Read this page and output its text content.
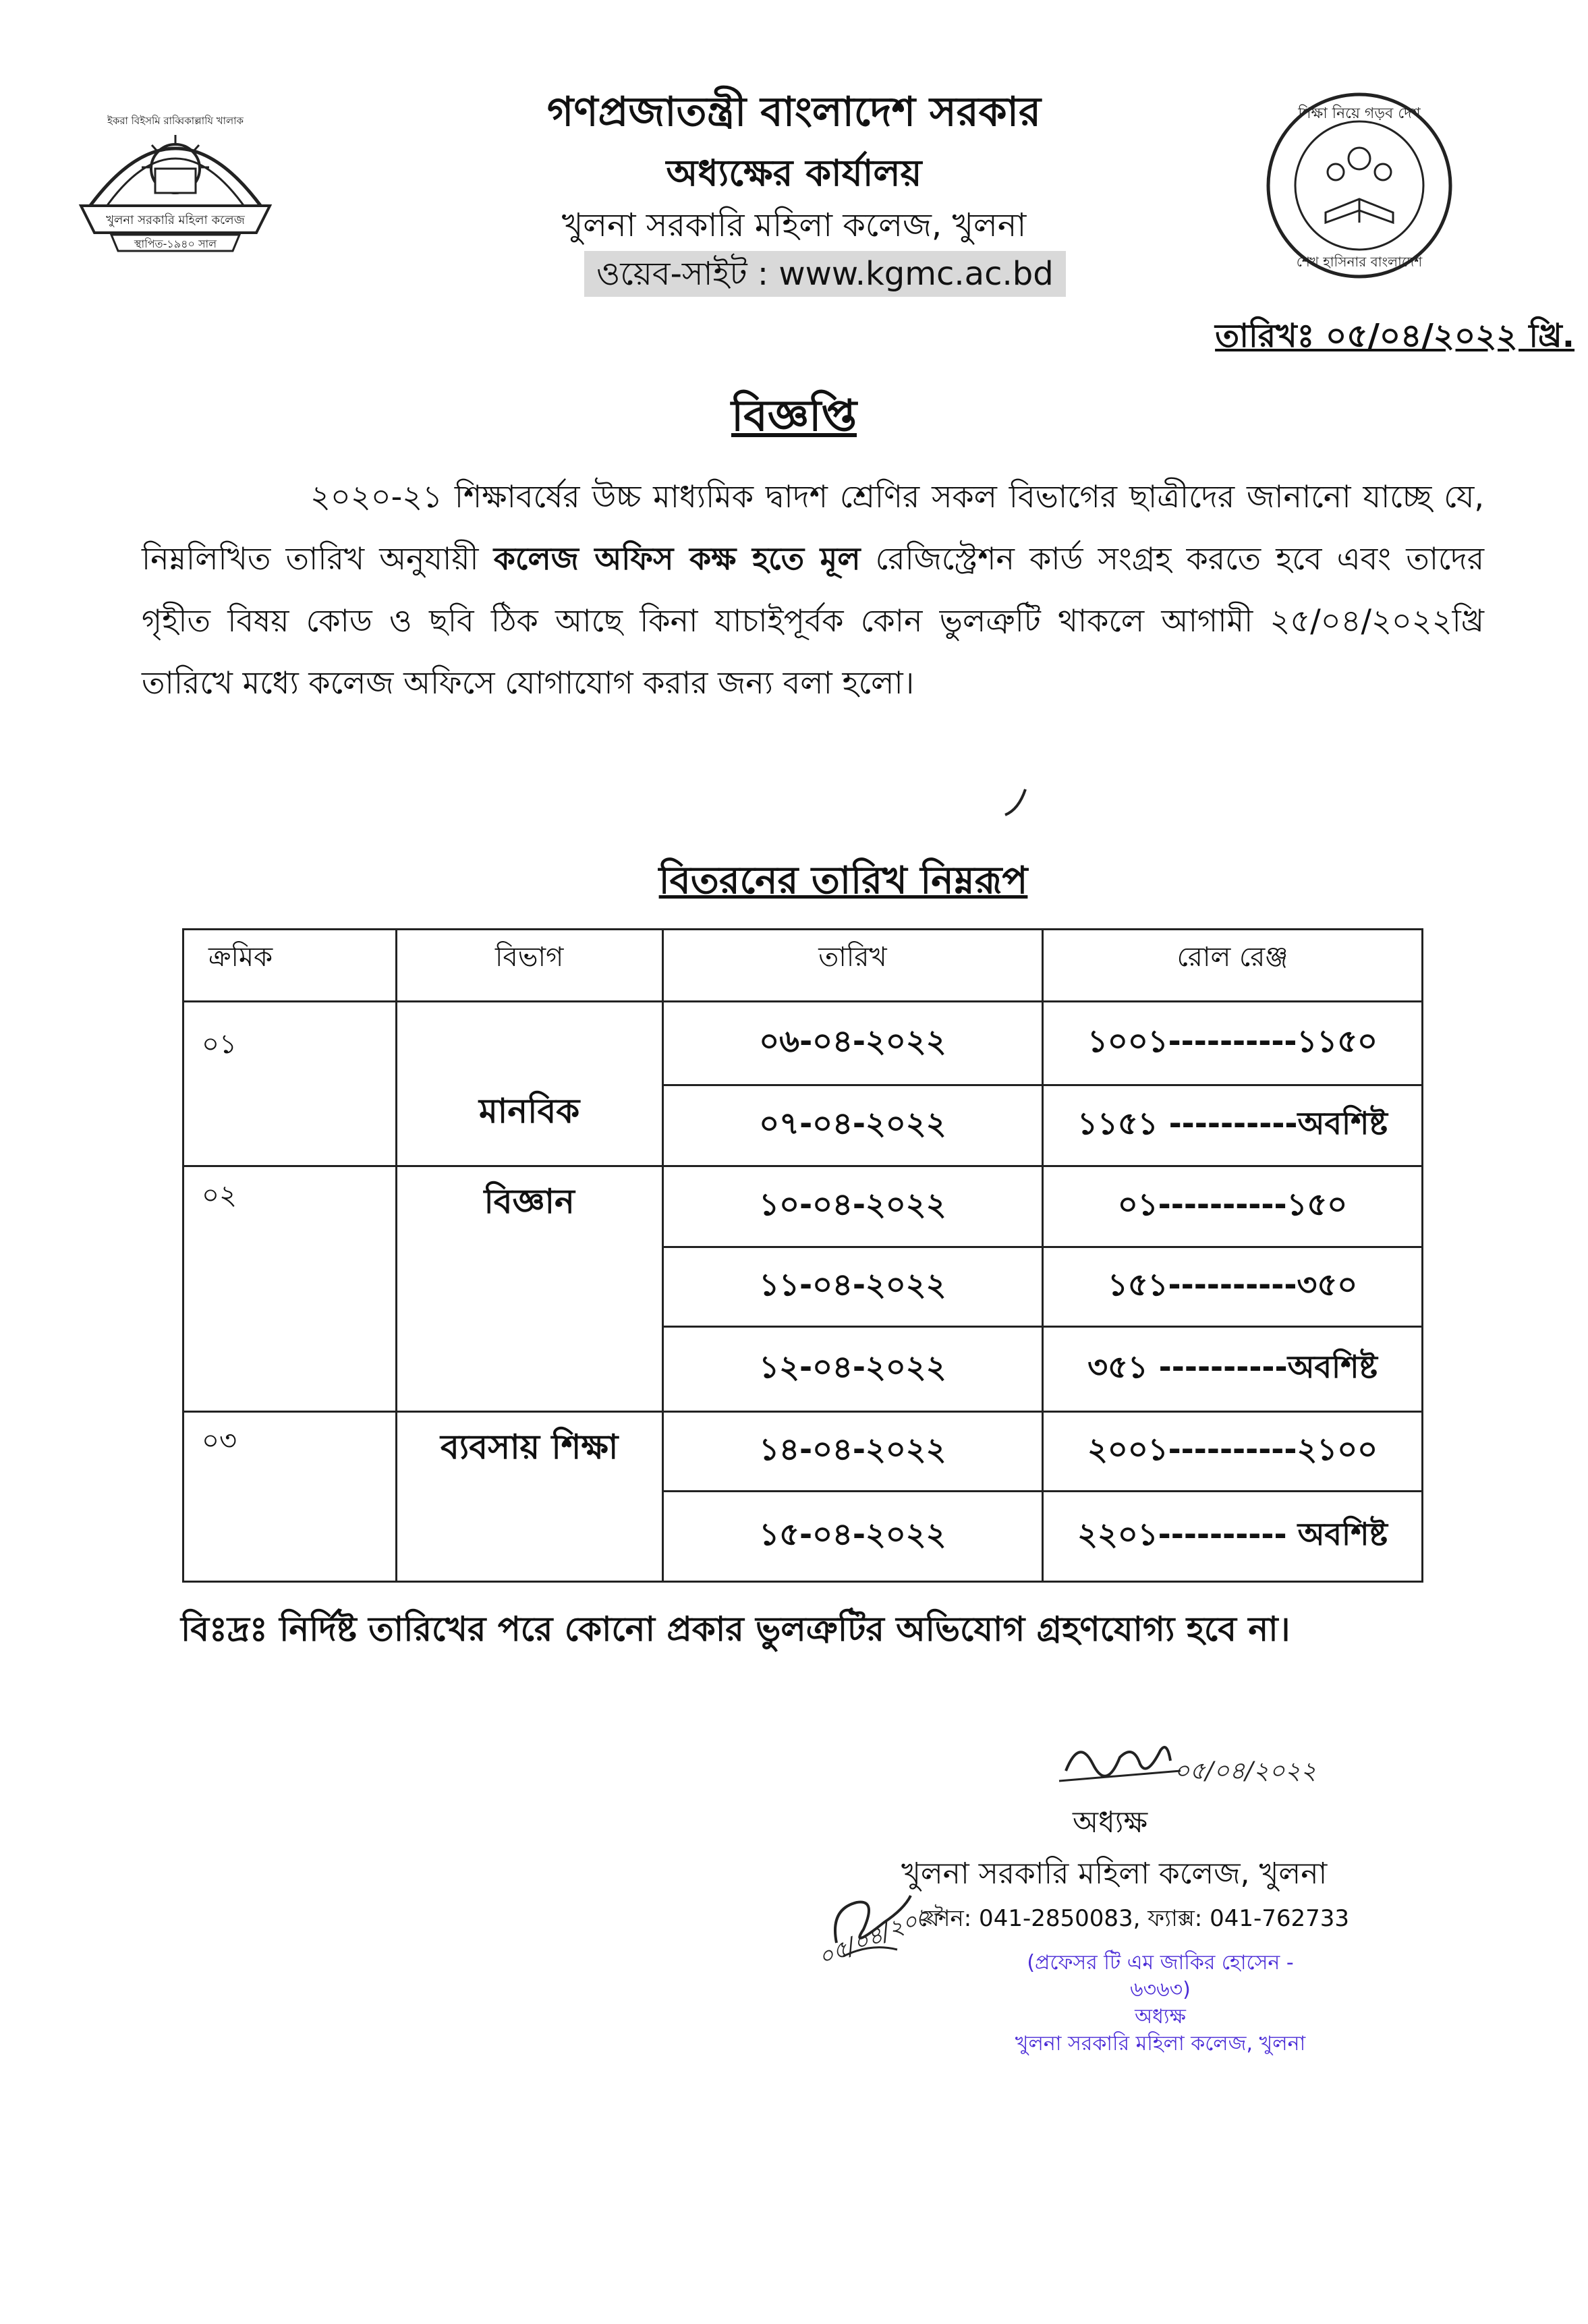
খুলনা সরকারি মহিলা কলেজ
স্থাপিত-১৯৪০ সাল
ইকরা বিইসমি রাব্বিকাল্লাযি খালাক	শিক্ষা নিয়ে গড়ব দেশ
শেখ হাসিনার বাংলাদেশ
গণপ্রজাতন্ত্রী বাংলাদেশ সরকার
অধ্যক্ষের কার্যালয়
খুলনা সরকারি মহিলা কলেজ, খুলনা
ওয়েব-সাইট : www.kgmc.ac.bd
তারিখঃ ০৫/০৪/২০২২ খ্রি.
বিজ্ঞপ্তি
২০২০-২১ শিক্ষাবর্ষের উচ্চ মাধ্যমিক দ্বাদশ শ্রেণির সকল বিভাগের ছাত্রীদের জানানো যাচ্ছে যে, নিম্নলিখিত তারিখ অনুযায়ী কলেজ অফিস কক্ষ হতে মূল রেজিস্ট্রেশন কার্ড সংগ্রহ করতে হবে এবং তাদের গৃহীত বিষয় কোড ও ছবি ঠিক আছে কিনা যাচাইপূর্বক কোন ভুলত্রুটি থাকলে আগামী ২৫/০৪/২০২২খ্রি তারিখে মধ্যে কলেজ অফিসে যোগাযোগ করার জন্য বলা হলো।
বিতরনের তারিখ নিম্নরূপ
ক্রমিক	বিভাগ	তারিখ	রোল রেঞ্জ
০১	মানবিক	০৬-০৪-২০২২	১০০১----------১১৫০
		০৭-০৪-২০২২	১১৫১ ----------অবশিষ্ট
০২	বিজ্ঞান	১০-০৪-২০২২	০১----------১৫০
		১১-০৪-২০২২	১৫১----------৩৫০
		১২-০৪-২০২২	৩৫১ ----------অবশিষ্ট
০৩	ব্যবসায় শিক্ষা	১৪-০৪-২০২২	২০০১----------২১০০
		১৫-০৪-২০২২	২২০১---------- অবশিষ্ট
বিঃদ্রঃ নির্দিষ্ট তারিখের পরে কোনো প্রকার ভুলত্রুটির অভিযোগ গ্রহণযোগ্য হবে না।
০৫/০৪/২০২২
অধ্যক্ষ
খুলনা সরকারি মহিলা কলেজ, খুলনা
ফোন: 041-2850083, ফ্যাক্স: 041-762733
০৫/০৪/২০২২	(প্রফেসর টি এম জাকির হোসেন - ৬৩৬৩)
অধ্যক্ষ
খুলনা সরকারি মহিলা কলেজ, খুলনা
